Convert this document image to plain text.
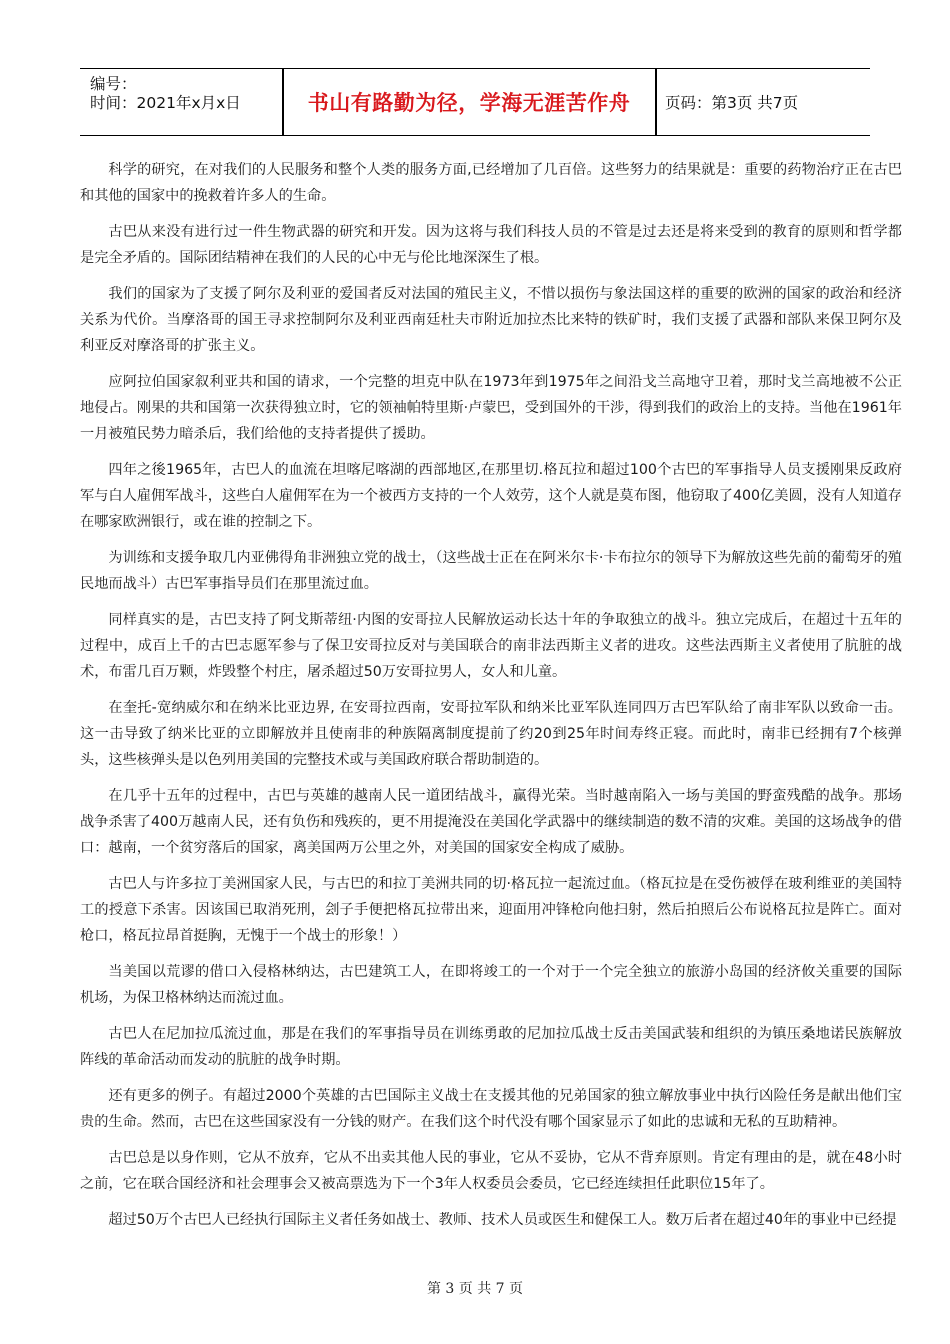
编号：
时间：2021年x月x日	书山有路勤为径，学海无涯苦作舟	页码：第3页 共7页

科学的研究，在对我们的人民服务和整个人类的服务方面,已经增加了几百倍。这些努力的结果就是：重要的药物治疗正在古巴和其他的国家中的挽救着许多人的生命。

古巴从来没有进行过一件生物武器的研究和开发。因为这将与我们科技人员的不管是过去还是将来受到的教育的原则和哲学都是完全矛盾的。国际团结精神在我们的人民的心中无与伦比地深深生了根。

我们的国家为了支援了阿尔及利亚的爱国者反对法国的殖民主义，不惜以损伤与象法国这样的重要的欧洲的国家的政治和经济关系为代价。当摩洛哥的国王寻求控制阿尔及利亚西南廷杜夫市附近加拉杰比来特的铁矿时，我们支援了武器和部队来保卫阿尔及利亚反对摩洛哥的扩张主义。

应阿拉伯国家叙利亚共和国的请求，一个完整的坦克中队在1973年到1975年之间沿戈兰高地守卫着，那时戈兰高地被不公正地侵占。刚果的共和国第一次获得独立时，它的领袖帕特里斯·卢蒙巴，受到国外的干涉，得到我们的政治上的支持。当他在1961年一月被殖民势力暗杀后，我们给他的支持者提供了援助。

四年之後1965年，古巴人的血流在坦喀尼喀湖的西部地区,在那里切.格瓦拉和超过100个古巴的军事指导人员支援刚果反政府军与白人雇佣军战斗，这些白人雇佣军在为一个被西方支持的一个人效劳，这个人就是莫布图，他窃取了400亿美圆，没有人知道存在哪家欧洲银行，或在谁的控制之下。

为训练和支援争取几内亚佛得角非洲独立党的战士，（这些战士正在在阿米尔卡·卡布拉尔的领导下为解放这些先前的葡萄牙的殖民地而战斗）古巴军事指导员们在那里流过血。

同样真实的是，古巴支持了阿戈斯蒂纽·内图的安哥拉人民解放运动长达十年的争取独立的战斗。独立完成后，在超过十五年的过程中，成百上千的古巴志愿军参与了保卫安哥拉反对与美国联合的南非法西斯主义者的进攻。这些法西斯主义者使用了肮脏的战术，布雷几百万颗，炸毁整个村庄，屠杀超过50万安哥拉男人，女人和儿童。

在奎托-宽纳威尔和在纳米比亚边界, 在安哥拉西南，安哥拉军队和纳米比亚军队连同四万古巴军队给了南非军队以致命一击。这一击导致了纳米比亚的立即解放并且使南非的种族隔离制度提前了约20到25年时间寿终正寝。而此时，南非已经拥有7个核弹头，这些核弹头是以色列用美国的完整技术或与美国政府联合帮助制造的。

在几乎十五年的过程中，古巴与英雄的越南人民一道团结战斗，赢得光荣。当时越南陷入一场与美国的野蛮残酷的战争。那场战争杀害了400万越南人民，还有负伤和残疾的，更不用提淹没在美国化学武器中的继续制造的数不清的灾难。美国的这场战争的借口：越南，一个贫穷落后的国家，离美国两万公里之外，对美国的国家安全构成了威胁。

古巴人与许多拉丁美洲国家人民，与古巴的和拉丁美洲共同的切·格瓦拉一起流过血。（格瓦拉是在受伤被俘在玻利维亚的美国特工的授意下杀害。因该国已取消死刑，刽子手便把格瓦拉带出来，迎面用冲锋枪向他扫射，然后拍照后公布说格瓦拉是阵亡。面对枪口，格瓦拉昂首挺胸，无愧于一个战士的形象！）

当美国以荒谬的借口入侵格林纳达，古巴建筑工人，在即将竣工的一个对于一个完全独立的旅游小岛国的经济攸关重要的国际机场，为保卫格林纳达而流过血。

古巴人在尼加拉瓜流过血，那是在我们的军事指导员在训练勇敢的尼加拉瓜战士反击美国武装和组织的为镇压桑地诺民族解放阵线的革命活动而发动的肮脏的战争时期。

还有更多的例子。有超过2000个英雄的古巴国际主义战士在支援其他的兄弟国家的独立解放事业中执行凶险任务是献出他们宝贵的生命。然而，古巴在这些国家没有一分钱的财产。在我们这个时代没有哪个国家显示了如此的忠诚和无私的互助精神。

古巴总是以身作则，它从不放弃，它从不出卖其他人民的事业，它从不妥协，它从不背弃原则。肯定有理由的是，就在48小时之前，它在联合国经济和社会理事会又被高票选为下一个3年人权委员会委员，它已经连续担任此职位15年了。

超过50万个古巴人已经执行国际主义者任务如战士、教师、技术人员或医生和健保工人。数万后者在超过40年的事业中已经提

第 3 页 共 7 页
